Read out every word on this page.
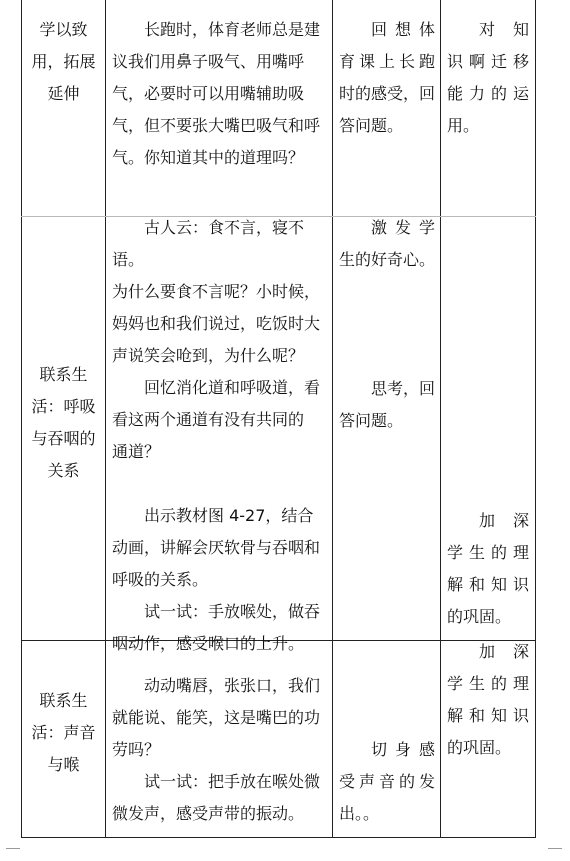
学以致

用，拓展

延伸

长跑时，体育老师总是建

议我们用鼻子吸气、用嘴呼

气，必要时可以用嘴辅助吸

气，但不要张大嘴巴吸气和呼

气。你知道其中的道理吗？

回想体

育课上长跑

时的感受，回

答问题。

对知

识啊迁移

能力的运

用。

联系生

活：呼吸

与吞咽的

关系

古人云：食不言，寝不语。

为什么要食不言呢？小时候，

妈妈也和我们说过，吃饭时大

声说笑会呛到，为什么呢？

回忆消化道和呼吸道，看

看这两个通道有没有共同的

通道？

出示教材图 4-27，结合

动画，讲解会厌软骨与吞咽和

呼吸的关系。

试一试：手放喉处，做吞

咽动作，感受喉口的上升。

激发学

生的好奇心。

思考，回

答问题。

加深

学生的理

解和知识

的巩固。

联系生

活：声音

与喉

动动嘴唇，张张口，我们

就能说、能笑，这是嘴巴的功

劳吗？

试一试：把手放在喉处微

微发声，感受声带的振动。

切身感

受声音的发

出。。

加深

学生的理

解和知识

的巩固。
